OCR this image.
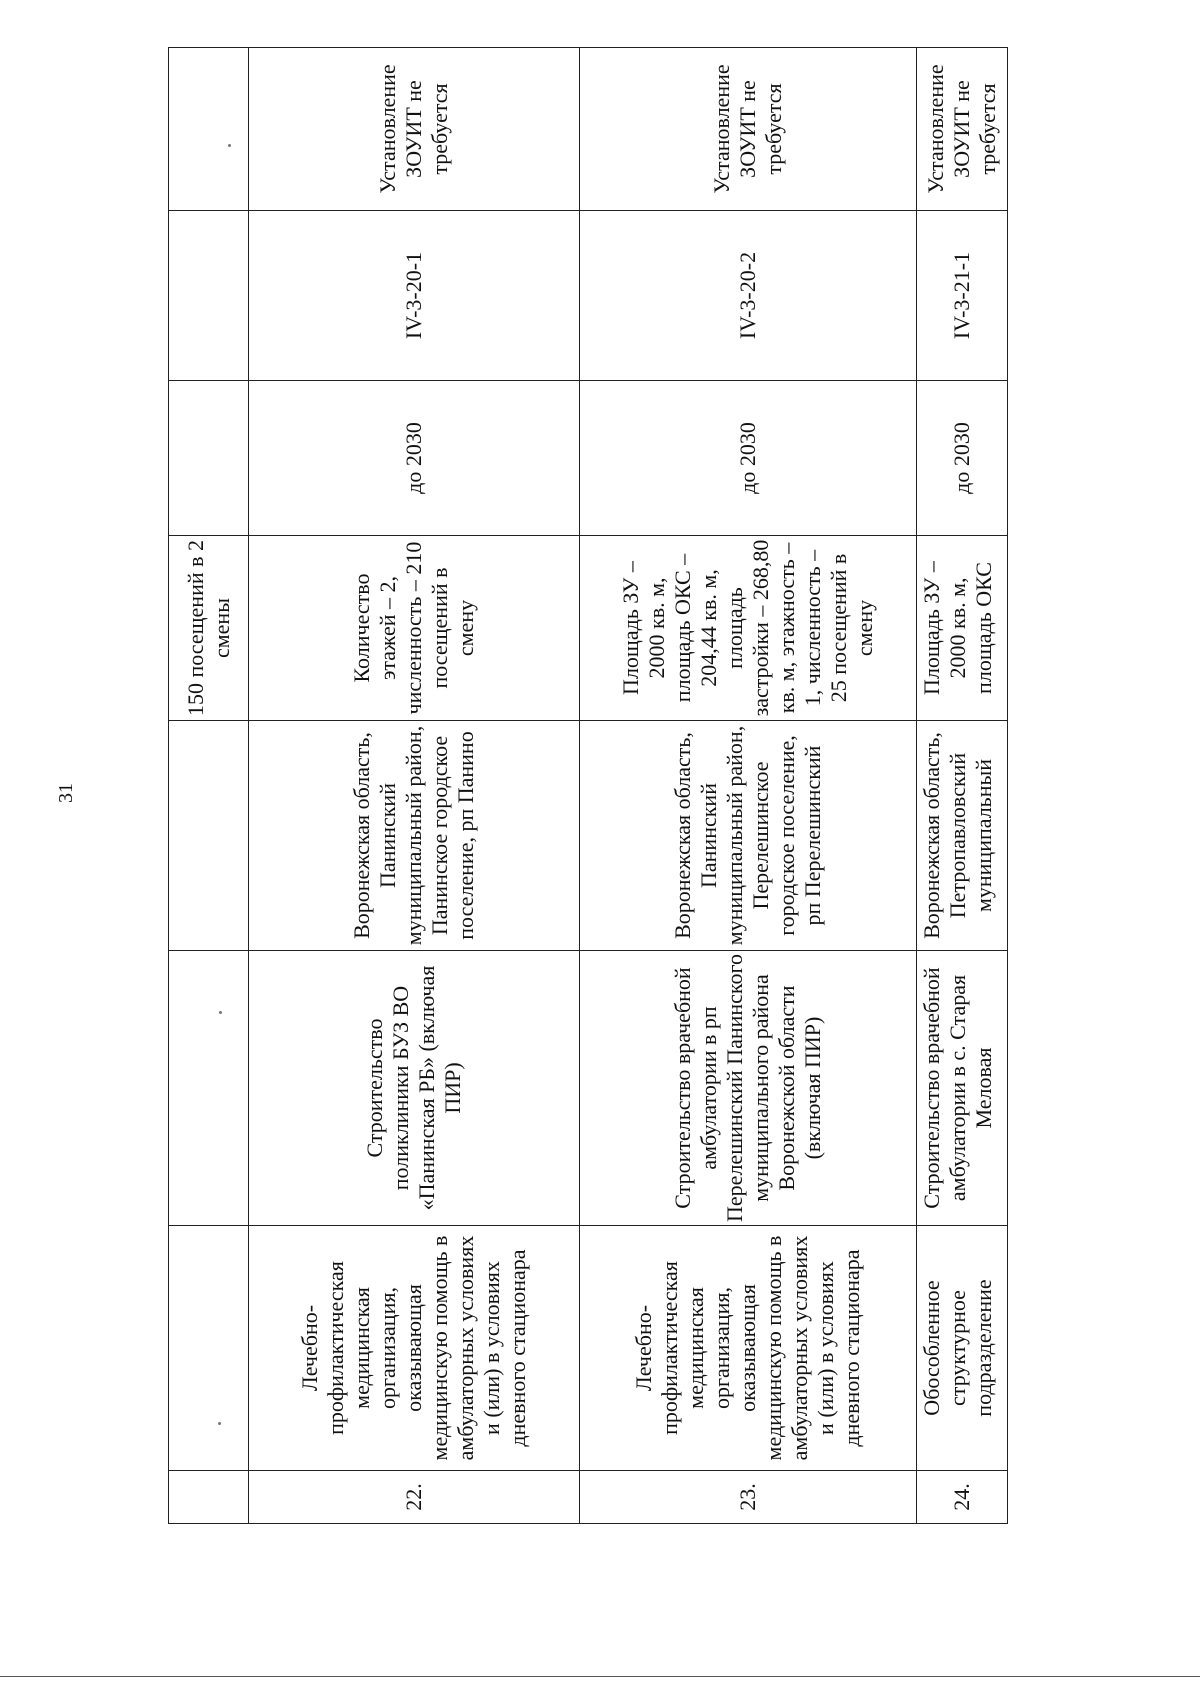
31
				150 посещений в 2 смены			
22.	Лечебно-профилактическая медицинская организация, оказывающая медицинскую помощь в амбулаторных условиях и (или) в условиях дневного стационара	Строительство поликлиники БУЗ ВО «Панинская РБ» (включая ПИР)	Воронежская область, Панинский муниципальный район, Панинское городское поселение, рп Панино	Количество этажей – 2, численность – 210 посещений в смену	до 2030	IV-3-20-1	Установление ЗОУИТ не требуется
23.	Лечебно-профилактическая медицинская организация, оказывающая медицинскую помощь в амбулаторных условиях и (или) в условиях дневного стационара	Строительство врачебной амбулатории в рп Перелешинский Панинского муниципального района Воронежской области (включая ПИР)	Воронежская область, Панинский муниципальный район, Перелешинское городское поселение, рп Перелешинский	Площадь ЗУ – 2000 кв. м, площадь ОКС – 204,44 кв. м, площадь застройки – 268,80 кв. м, этажность – 1, численность – 25 посещений в смену	до 2030	IV-3-20-2	Установление ЗОУИТ не требуется
24.	Обособленное структурное подразделение	Строительство врачебной амбулатории в с. Старая Меловая	Воронежская область, Петропавловский муниципальный	Площадь ЗУ – 2000 кв. м, площадь ОКС	до 2030	IV-3-21-1	Установление ЗОУИТ не требуется
